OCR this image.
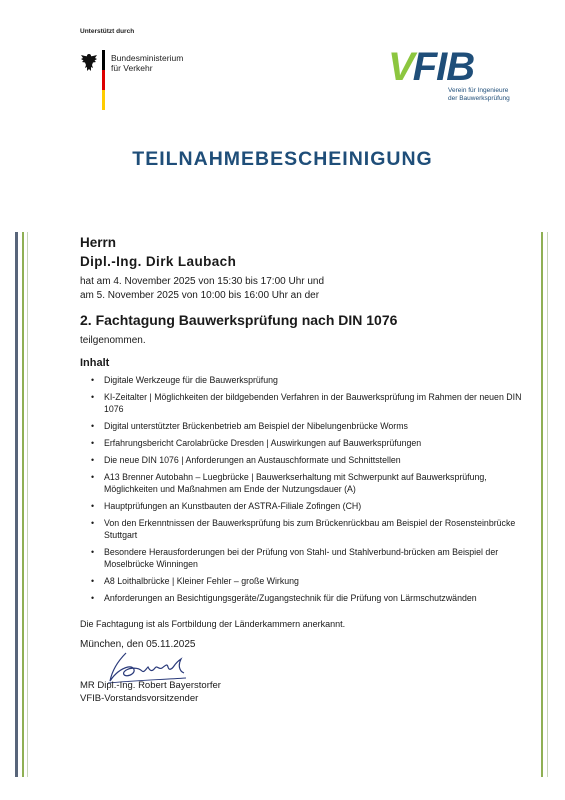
Unterstützt durch
Bundesministerium
für Verkehr	V FIB
Verein für Ingenieure
der Bauwerksprüfung
TEILNAHMEBESCHEINIGUNG
Herrn
Dipl.-Ing. Dirk Laubach
hat am 4. November 2025 von 15:30 bis 17:00 Uhr und
am 5. November 2025 von 10:00 bis 16:00 Uhr an der
2. Fachtagung Bauwerksprüfung nach DIN 1076
teilgenommen.
Inhalt
• Digitale Werkzeuge für die Bauwerksprüfung
• KI-Zeitalter | Möglichkeiten der bildgebenden Verfahren in der Bauwerksprüfung im Rahmen der neuen DIN 1076
• Digital unterstützter Brückenbetrieb am Beispiel der Nibelungenbrücke Worms
• Erfahrungsbericht Carolabrücke Dresden | Auswirkungen auf Bauwerksprüfungen
• Die neue DIN 1076 | Anforderungen an Austauschformate und Schnittstellen
• A13 Brenner Autobahn – Luegbrücke | Bauwerkserhaltung mit Schwerpunkt auf Bauwerksprüfung, Möglichkeiten und Maßnahmen am Ende der Nutzungsdauer (A)
• Hauptprüfungen an Kunstbauten der ASTRA-Filiale Zofingen (CH)
• Von den Erkenntnissen der Bauwerksprüfung bis zum Brückenrückbau am Beispiel der Rosensteinbrücke Stuttgart
• Besondere Herausforderungen bei der Prüfung von Stahl- und Stahlverbund-brücken am Beispiel der Moselbrücke Winningen
• A8 Loithalbrücke | Kleiner Fehler – große Wirkung
• Anforderungen an Besichtigungsgeräte/Zugangstechnik für die Prüfung von Lärmschutzwänden
Die Fachtagung ist als Fortbildung der Länderkammern anerkannt.
München, den 05.11.2025
MR Dipl.-Ing. Robert Bayerstorfer
VFIB-Vorstandsvorsitzender
